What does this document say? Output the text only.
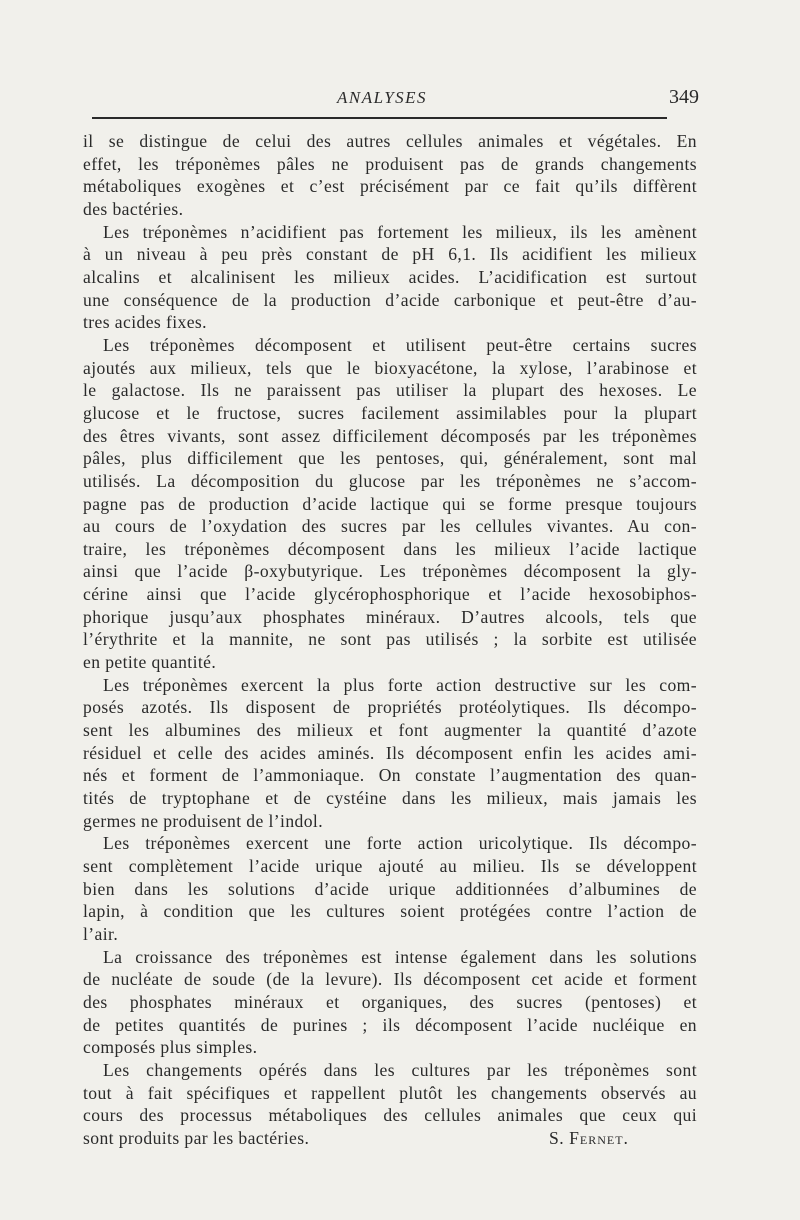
ANALYSES	349
il se distingue de celui des autres cellules animales et végétales. En
effet, les tréponèmes pâles ne produisent pas de grands changements
métaboliques exogènes et c’est précisément par ce fait qu’ils diffèrent
des bactéries.
Les tréponèmes n’acidifient pas fortement les milieux, ils les amènent
à un niveau à peu près constant de pH 6,1. Ils acidifient les milieux
alcalins et alcalinisent les milieux acides. L’acidification est surtout
une conséquence de la production d’acide carbonique et peut-être d’au-
tres acides fixes.
Les tréponèmes décomposent et utilisent peut-être certains sucres
ajoutés aux milieux, tels que le bioxyacétone, la xylose, l’arabinose et
le galactose. Ils ne paraissent pas utiliser la plupart des hexoses. Le
glucose et le fructose, sucres facilement assimilables pour la plupart
des êtres vivants, sont assez difficilement décomposés par les tréponèmes
pâles, plus difficilement que les pentoses, qui, généralement, sont mal
utilisés. La décomposition du glucose par les tréponèmes ne s’accom-
pagne pas de production d’acide lactique qui se forme presque toujours
au cours de l’oxydation des sucres par les cellules vivantes. Au con-
traire, les tréponèmes décomposent dans les milieux l’acide lactique
ainsi que l’acide β-oxybutyrique. Les tréponèmes décomposent la gly-
cérine ainsi que l’acide glycérophosphorique et l’acide hexosobiphos-
phorique jusqu’aux phosphates minéraux. D’autres alcools, tels que
l’érythrite et la mannite, ne sont pas utilisés ; la sorbite est utilisée
en petite quantité.
Les tréponèmes exercent la plus forte action destructive sur les com-
posés azotés. Ils disposent de propriétés protéolytiques. Ils décompo-
sent les albumines des milieux et font augmenter la quantité d’azote
résiduel et celle des acides aminés. Ils décomposent enfin les acides ami-
nés et forment de l’ammoniaque. On constate l’augmentation des quan-
tités de tryptophane et de cystéine dans les milieux, mais jamais les
germes ne produisent de l’indol.
Les tréponèmes exercent une forte action uricolytique. Ils décompo-
sent complètement l’acide urique ajouté au milieu. Ils se développent
bien dans les solutions d’acide urique additionnées d’albumines de
lapin, à condition que les cultures soient protégées contre l’action de
l’air.
La croissance des tréponèmes est intense également dans les solutions
de nucléate de soude (de la levure). Ils décomposent cet acide et forment
des phosphates minéraux et organiques, des sucres (pentoses) et
de petites quantités de purines ; ils décomposent l’acide nucléique en
composés plus simples.
Les changements opérés dans les cultures par les tréponèmes sont
tout à fait spécifiques et rappellent plutôt les changements observés au
cours des processus métaboliques des cellules animales que ceux qui
sont produits par les bactéries.	S. Fernet.
